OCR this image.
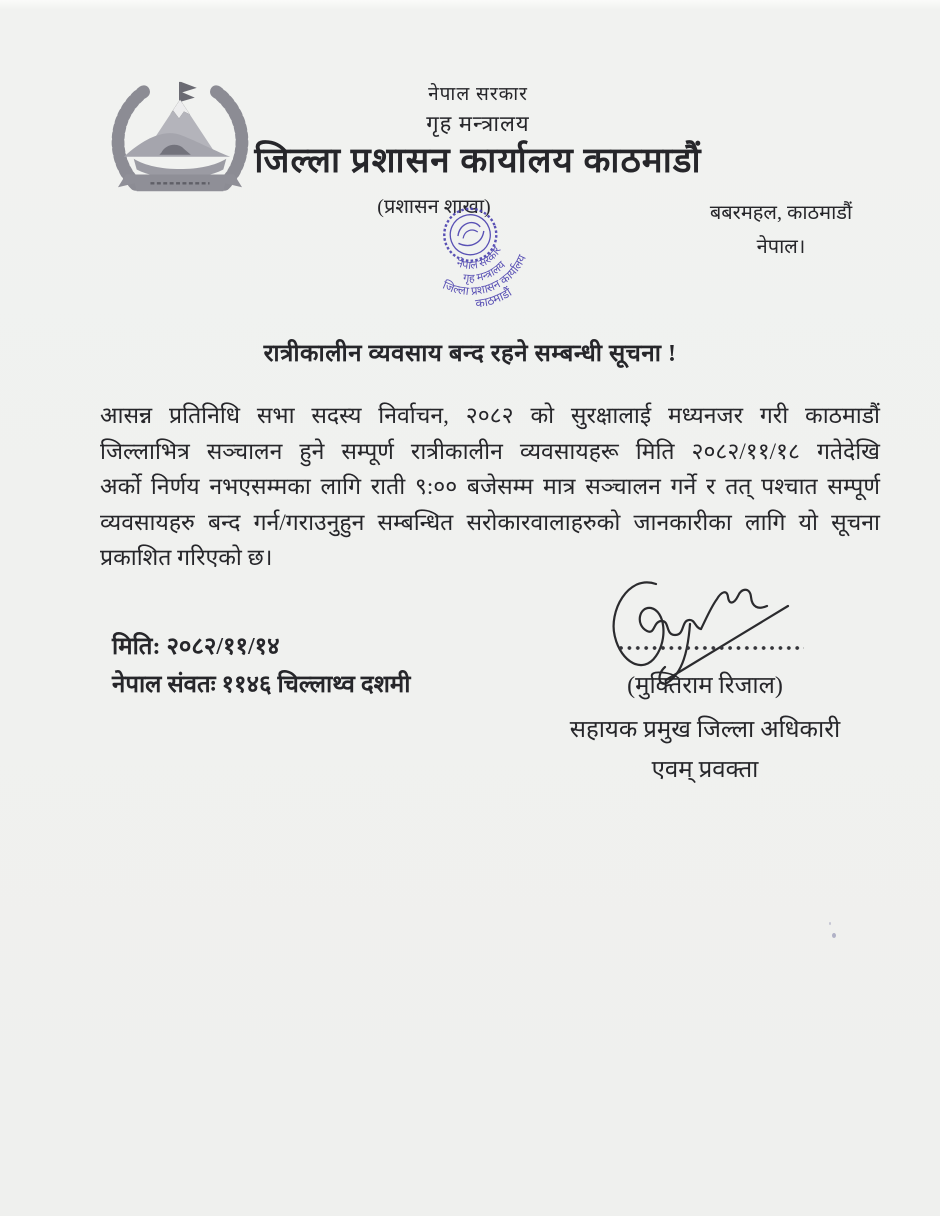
नेपाल सरकार
गृह मन्त्रालय
जिल्ला प्रशासन कार्यालय काठमाडौं
(प्रशासन शाखा)	बबरमहल, काठमाडौं
नेपाल।
नेपाल सरकार
गृह मन्त्रालय
जिल्ला प्रशासन कार्यालय
काठमाडौं
रात्रीकालीन व्यवसाय बन्द रहने सम्बन्धी सूचना !
आसन्न प्रतिनिधि सभा सदस्य निर्वाचन, २०८२ को सुरक्षालाई मध्यनजर गरी काठमाडौं
जिल्लाभित्र सञ्चालन हुने सम्पूर्ण रात्रीकालीन व्यवसायहरू मिति २०८२/११/१८ गतेदेखि
अर्को निर्णय नभएसम्मका लागि राती ९:०० बजेसम्म मात्र सञ्चालन गर्ने र तत् पश्चात सम्पूर्ण
व्यवसायहरु बन्द गर्न/गराउनुहुन सम्बन्धित सरोकारवालाहरुको जानकारीका लागि यो सूचना
प्रकाशित गरिएको छ।
मिति: २०८२/११/१४
नेपाल संवतः ११४६ चिल्लाथ्व दशमी	(मुक्तिराम रिजाल)
सहायक प्रमुख जिल्ला अधिकारी
एवम् प्रवक्ता
